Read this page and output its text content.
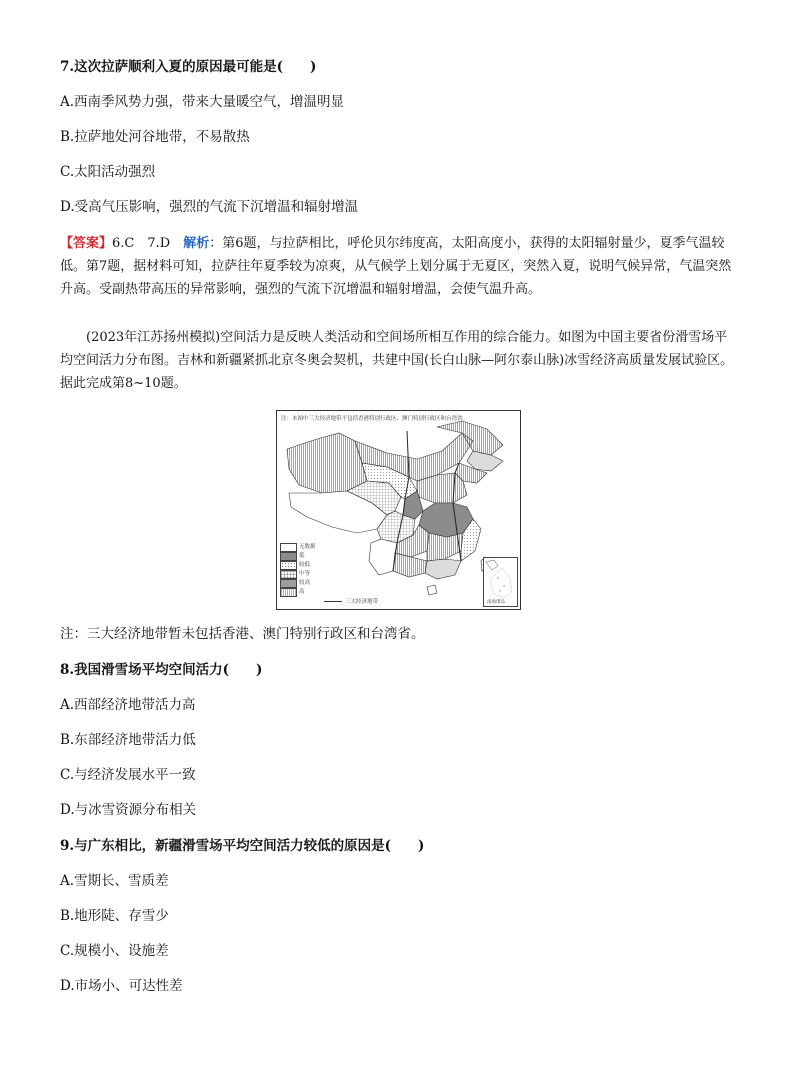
7.这次拉萨顺利入夏的原因最可能是(　　)
A.西南季风势力强，带来大量暖空气，增温明显
B.拉萨地处河谷地带，不易散热
C.太阳活动强烈
D.受高气压影响，强烈的气流下沉增温和辐射增温
【答案】6.C　7.D　 解析：第6题，与拉萨相比，呼伦贝尔纬度高，太阳高度小，获得的太阳辐射量少，夏季气温较低。第7题，据材料可知，拉萨往年夏季较为凉爽，从气候学上划分属于无夏区，突然入夏，说明气候异常，气温突然升高。受副热带高压的异常影响，强烈的气流下沉增温和辐射增温，会使气温升高。
(2023年江苏扬州模拟)空间活力是反映人类活动和空间场所相互作用的综合能力。如图为中国主要省份滑雪场平均空间活力分布图。吉林和新疆紧抓北京冬奥会契机，共建中国(长白山脉—阿尔泰山脉)冰雪经济高质量发展试验区。据此完成第8~10题。
注：本图中三大经济地带不包括香港特别行政区、澳门特别行政区和台湾省。
无数据
低
较低
中等
较高
高
三大经济地带	南海诸岛
注：三大经济地带暂未包括香港、澳门特别行政区和台湾省。
8.我国滑雪场平均空间活力(　　)
A.西部经济地带活力高
B.东部经济地带活力低
C.与经济发展水平一致
D.与冰雪资源分布相关
9.与广东相比，新疆滑雪场平均空间活力较低的原因是(　　)
A.雪期长、雪质差
B.地形陡、存雪少
C.规模小、设施差
D.市场小、可达性差
